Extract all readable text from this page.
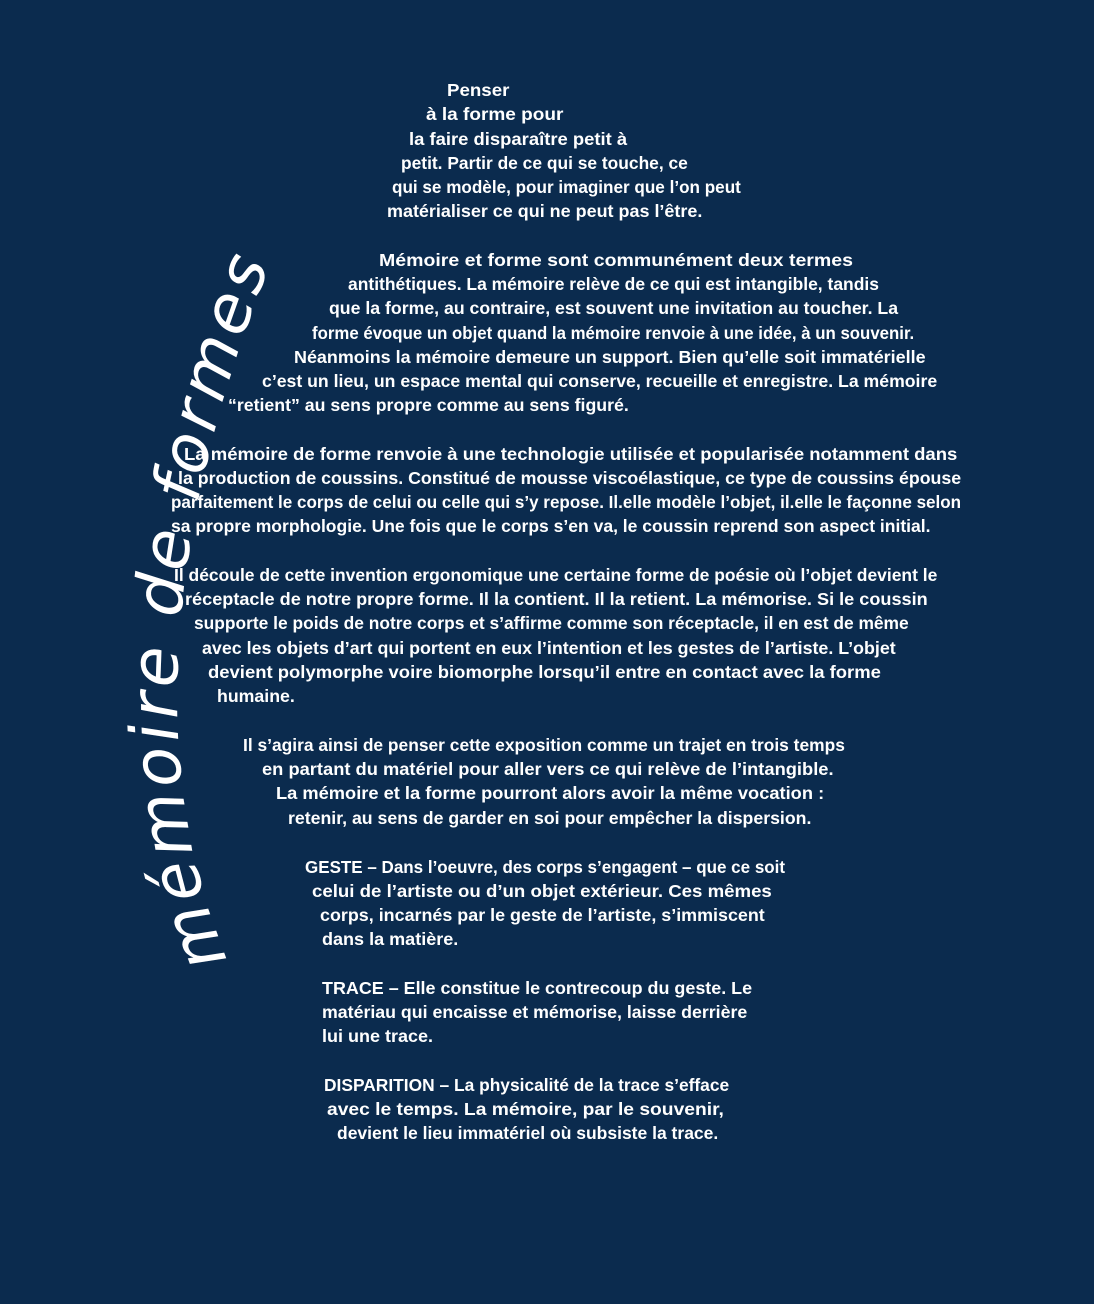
mémoire de formes
Penser
à la forme pour
la faire disparaître petit à
petit. Partir de ce qui se touche, ce
qui se modèle, pour imaginer que l’on peut
matérialiser ce qui ne peut pas l’être.
Mémoire et forme sont communément deux termes
antithétiques. La mémoire relève de ce qui est intangible, tandis
que la forme, au contraire, est souvent une invitation au toucher. La
forme évoque un objet quand la mémoire renvoie à une idée, à un souvenir.
Néanmoins la mémoire demeure un support. Bien qu’elle soit immatérielle
c’est un lieu, un espace mental qui conserve, recueille et enregistre. La mémoire
“retient” au sens propre comme au sens figuré.
La mémoire de forme renvoie à une technologie utilisée et popularisée notamment dans
la production de coussins. Constitué de mousse viscoélastique, ce type de coussins épouse
parfaitement le corps de celui ou celle qui s’y repose. Il.elle modèle l’objet, il.elle le façonne selon
sa propre morphologie. Une fois que le corps s’en va, le coussin reprend son aspect initial.
Il découle de cette invention ergonomique une certaine forme de poésie où l’objet devient le
réceptacle de notre propre forme. Il la contient. Il la retient. La mémorise. Si le coussin
supporte le poids de notre corps et s’affirme comme son réceptacle, il en est de même
avec les objets d’art qui portent en eux l’intention et les gestes de l’artiste. L’objet
devient polymorphe voire biomorphe lorsqu’il entre en contact avec la forme
humaine.
Il s’agira ainsi de penser cette exposition comme un trajet en trois temps
en partant du matériel pour aller vers ce qui relève de l’intangible.
La mémoire et la forme pourront alors avoir la même vocation :
retenir, au sens de garder en soi pour empêcher la dispersion.
GESTE – Dans l’oeuvre, des corps s’engagent – que ce soit
celui de l’artiste ou d’un objet extérieur. Ces mêmes
corps, incarnés par le geste de l’artiste, s’immiscent
dans la matière.
TRACE – Elle constitue le contrecoup du geste. Le
matériau qui encaisse et mémorise, laisse derrière
lui une trace.
DISPARITION – La physicalité de la trace s’efface
avec le temps. La mémoire, par le souvenir,
devient le lieu immatériel où subsiste la trace.
